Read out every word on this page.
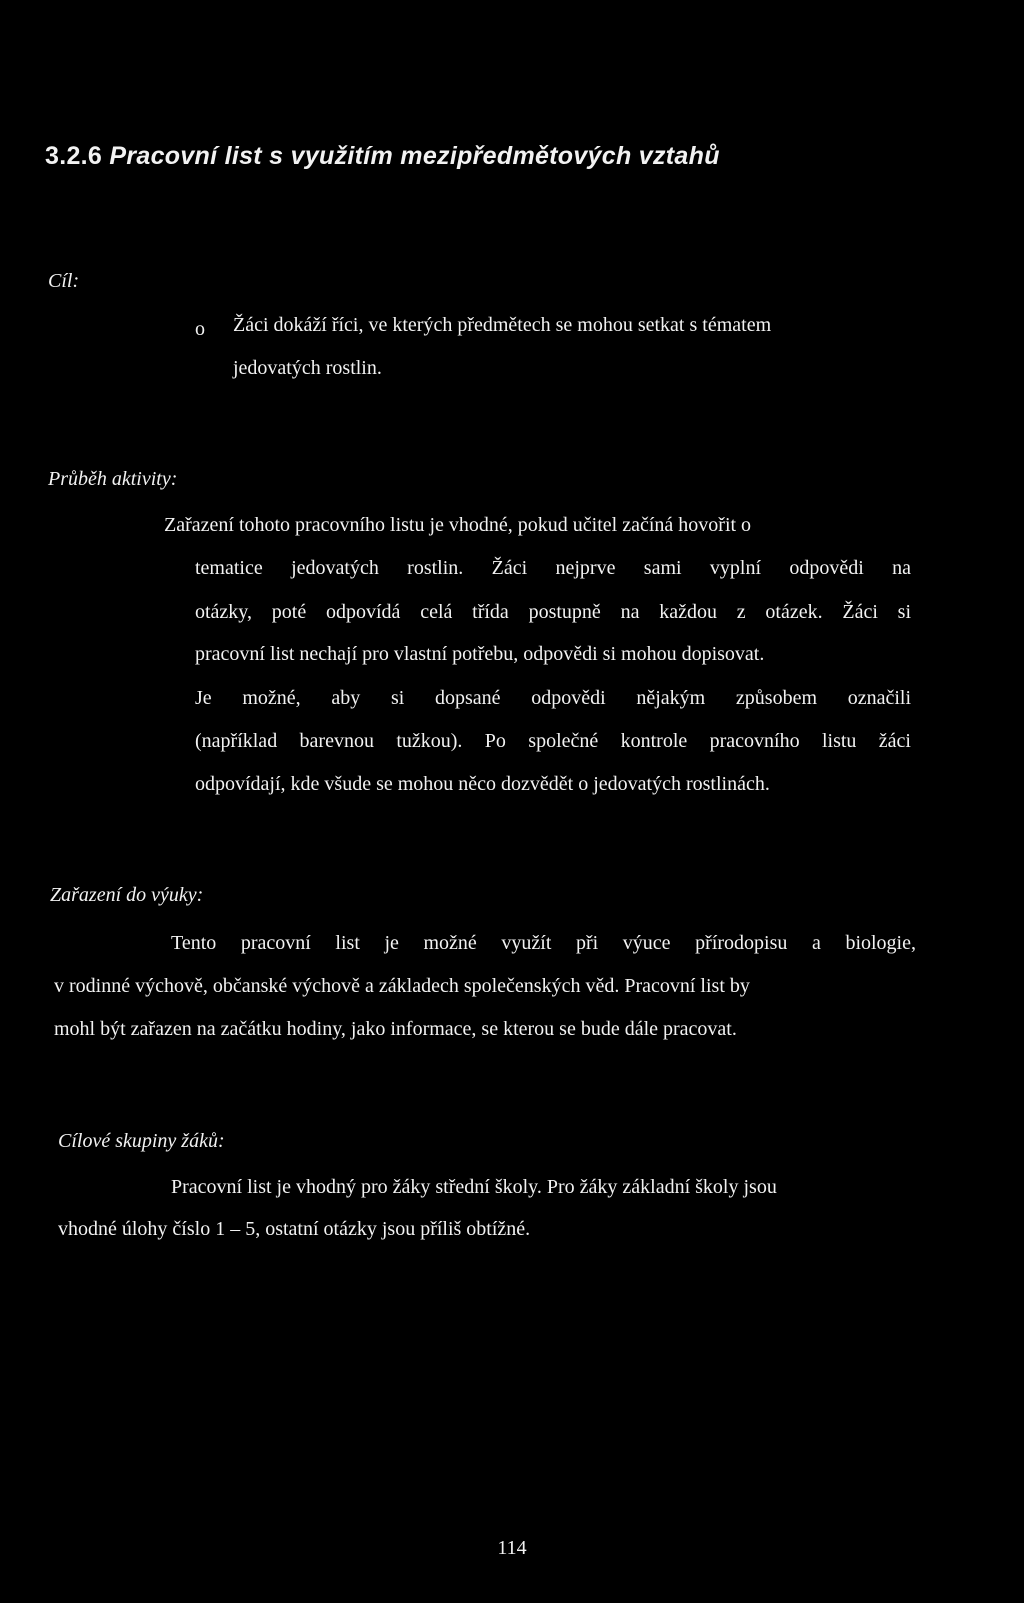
3.2.6 Pracovní list s využitím mezipředmětových vztahů
Cíl:
o Žáci dokáží říci, ve kterých předmětech se mohou setkat s tématem
jedovatých rostlin.
Průběh aktivity:
Zařazení tohoto pracovního listu je vhodné, pokud učitel začíná hovořit o
tematice jedovatých rostlin. Žáci nejprve sami vyplní odpovědi na
otázky, poté odpovídá celá třída postupně na každou z otázek. Žáci si
pracovní list nechají pro vlastní potřebu, odpovědi si mohou dopisovat.
Je možné, aby si dopsané odpovědi nějakým způsobem označili
(například barevnou tužkou). Po společné kontrole pracovního listu žáci
odpovídají, kde všude se mohou něco dozvědět o jedovatých rostlinách.
Zařazení do výuky:
Tento pracovní list je možné využít při výuce přírodopisu a biologie,
v rodinné výchově, občanské výchově a základech společenských věd. Pracovní list by
mohl být zařazen na začátku hodiny, jako informace, se kterou se bude dále pracovat.
Cílové skupiny žáků:
Pracovní list je vhodný pro žáky střední školy. Pro žáky základní školy jsou
vhodné úlohy číslo 1 – 5, ostatní otázky jsou příliš obtížné.
114
